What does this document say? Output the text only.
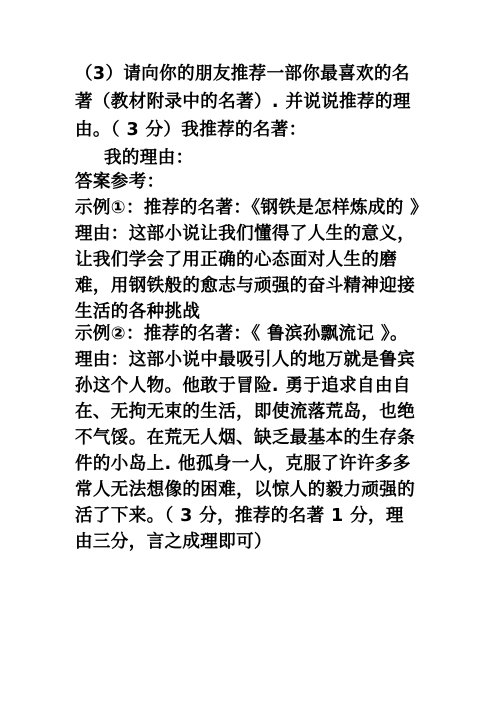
（3）请向你的朋友推荐一部你最喜欢的名
著（教材附录中的名著）. 并说说推荐的理
由。（ 3 分）我推荐的名著：
我的理由：
答案参考：
示例①：推荐的名著：《钢铁是怎样炼成的 》
理由：这部小说让我们懂得了人生的意义，
让我们学会了用正确的心态面对人生的磨
难，用钢铁般的愈志与顽强的奋斗精神迎接
生活的各种挑战
示例②：推荐的名著：《 鲁滨孙飘流记 》。
理由：这部小说中最吸引人的地万就是鲁宾
孙这个人物。他敢于冒险. 勇于追求自由自
在、无拘无束的生活，即使流落荒岛，也绝
不气馁。在荒无人烟、缺乏最基本的生存条
件的小岛上. 他孤身一人，克服了许许多多
常人无法想像的困难，以惊人的毅力顽强的
活了下来。（ 3 分，推荐的名著 1 分，理
由三分，言之成理即可）
